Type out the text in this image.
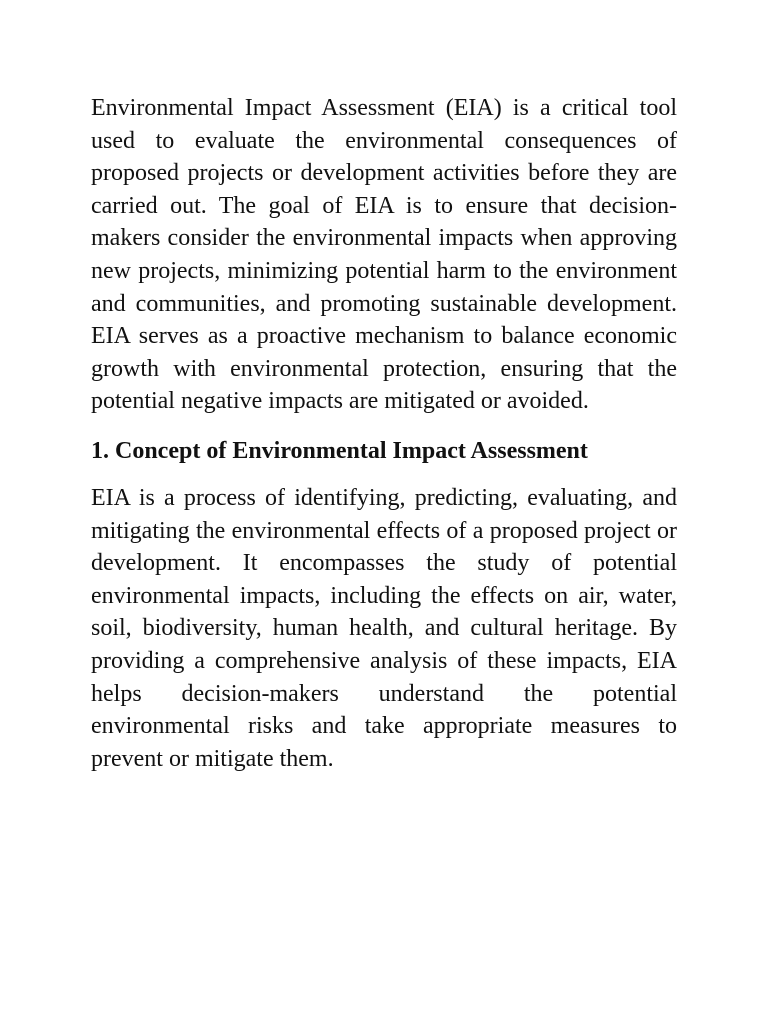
Environmental Impact Assessment (EIA) is a critical tool used to evaluate the environmental consequences of proposed projects or development activities before they are carried out. The goal of EIA is to ensure that decision-makers consider the environmental impacts when approving new projects, minimizing potential harm to the environment and communities, and promoting sustainable development. EIA serves as a proactive mechanism to balance economic growth with environmental protection, ensuring that the potential negative impacts are mitigated or avoided.

1. Concept of Environmental Impact Assessment

EIA is a process of identifying, predicting, evaluating, and mitigating the environmental effects of a proposed project or development. It encompasses the study of potential environmental impacts, including the effects on air, water, soil, biodiversity, human health, and cultural heritage. By providing a comprehensive analysis of these impacts, EIA helps decision-makers understand the potential environmental risks and take appropriate measures to prevent or mitigate them.
